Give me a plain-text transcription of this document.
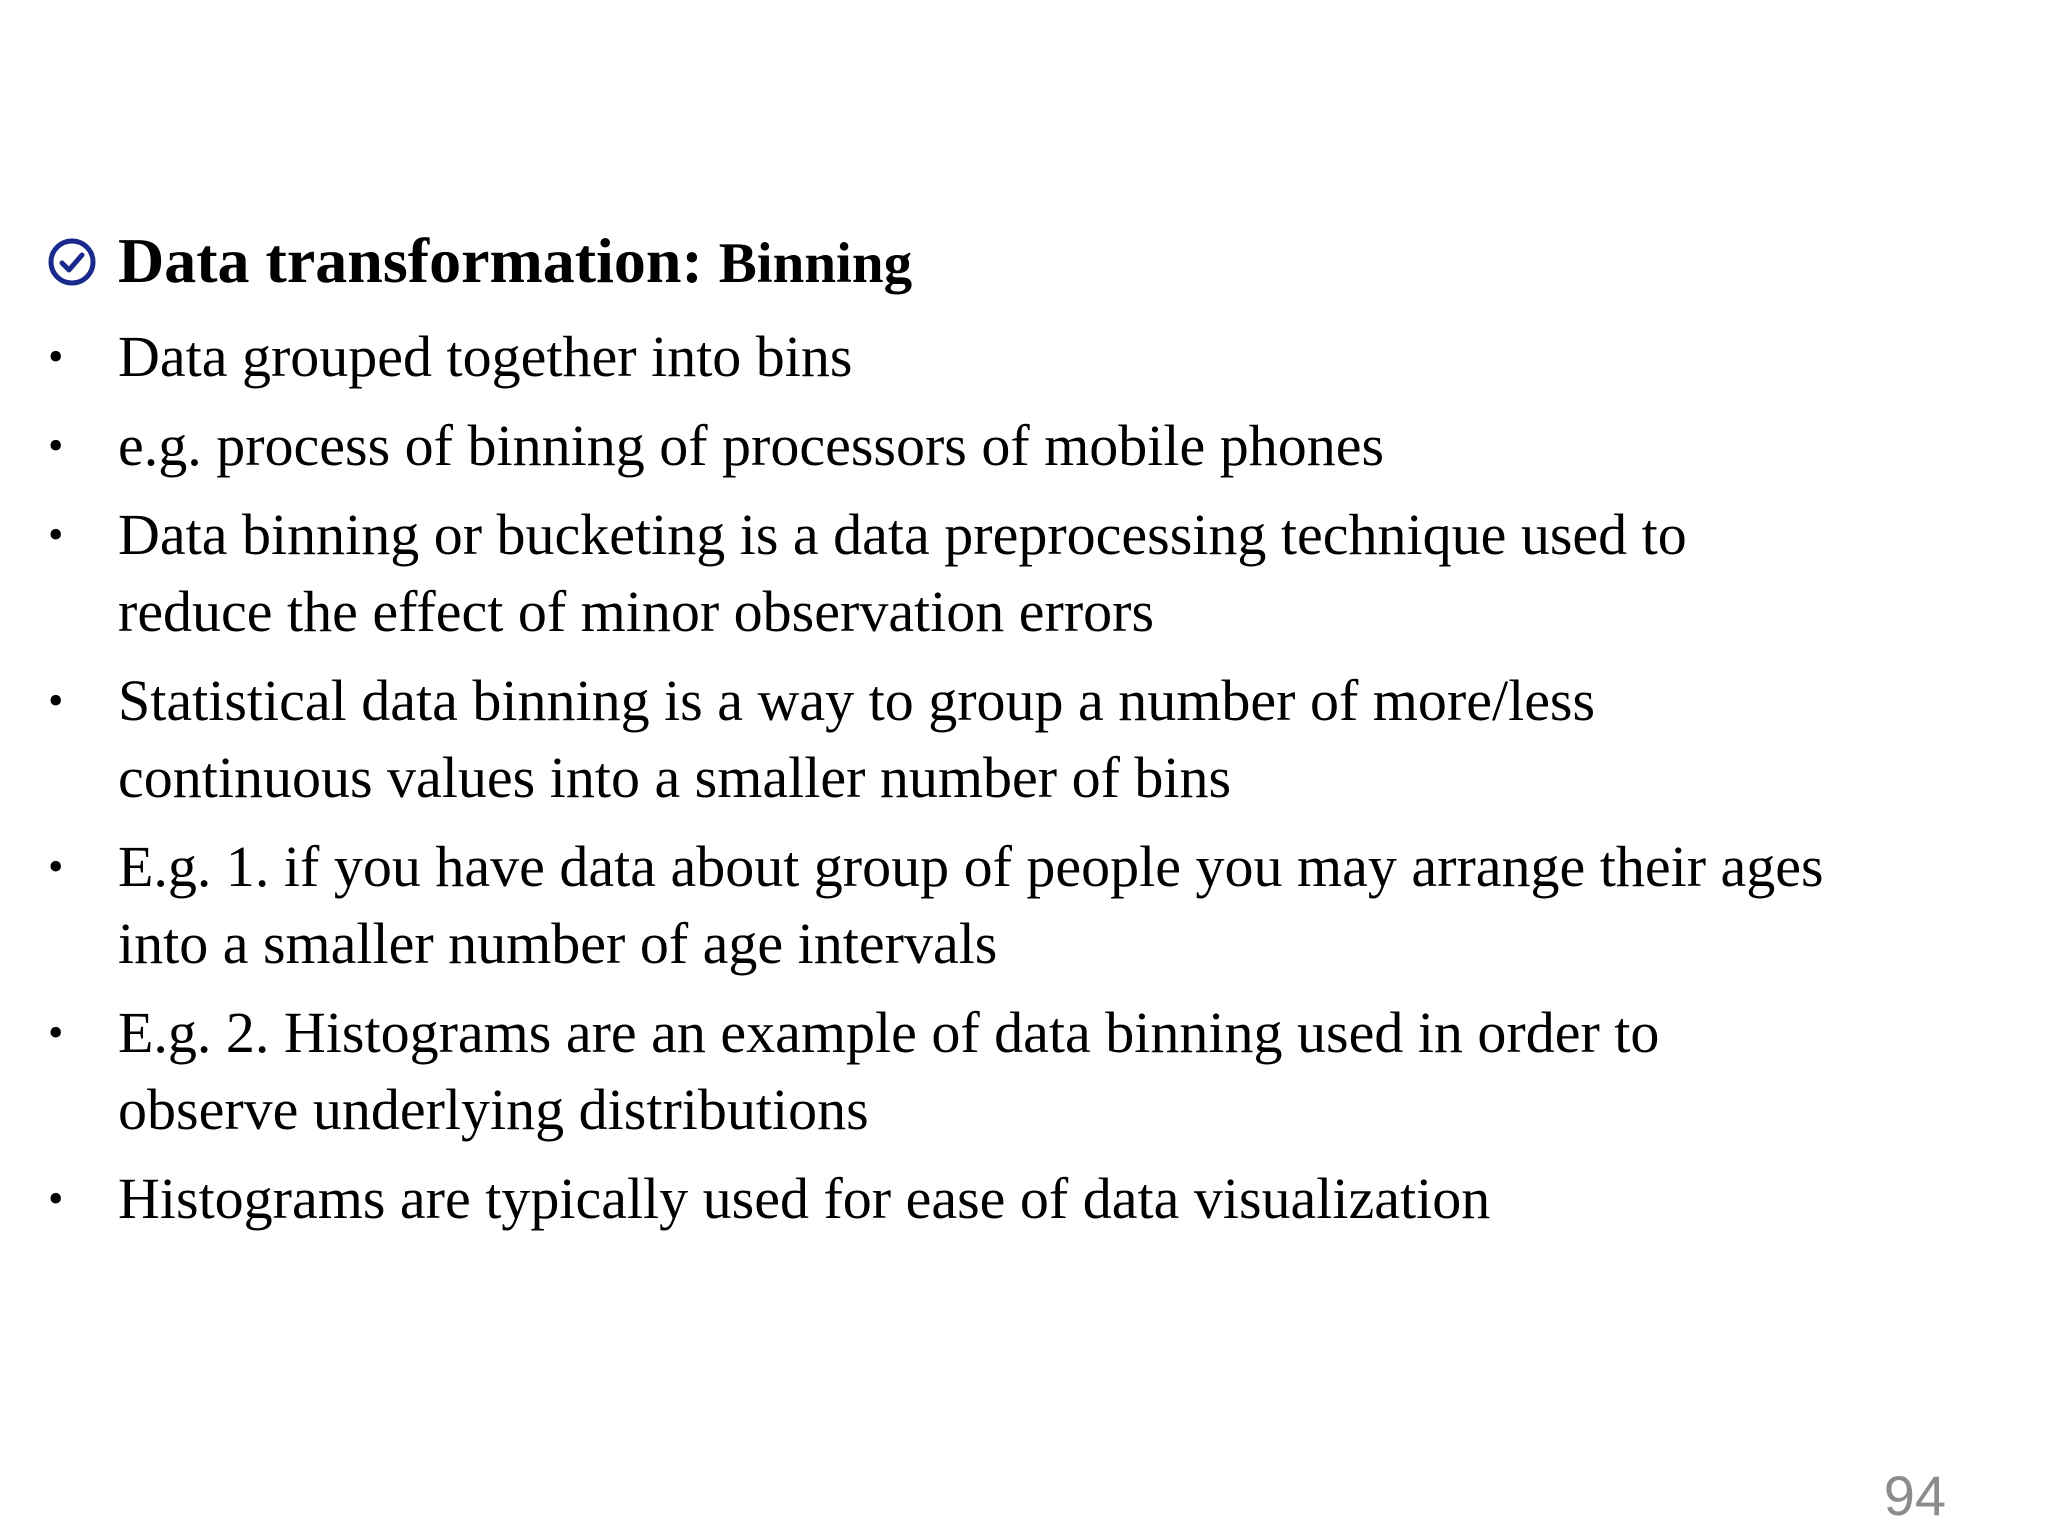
Data transformation: Binning
• Data grouped together into bins
• e.g. process of binning of processors of mobile phones
• Data binning or bucketing is a data preprocessing technique used to
reduce the effect of minor observation errors
• Statistical data binning is a way to group a number of more/less
continuous values into a smaller number of bins
• E.g. 1. if you have data about group of people you may arrange their ages
into a smaller number of age intervals
• E.g. 2. Histograms are an example of data binning used in order to
observe underlying distributions
• Histograms are typically used for ease of data visualization
94
